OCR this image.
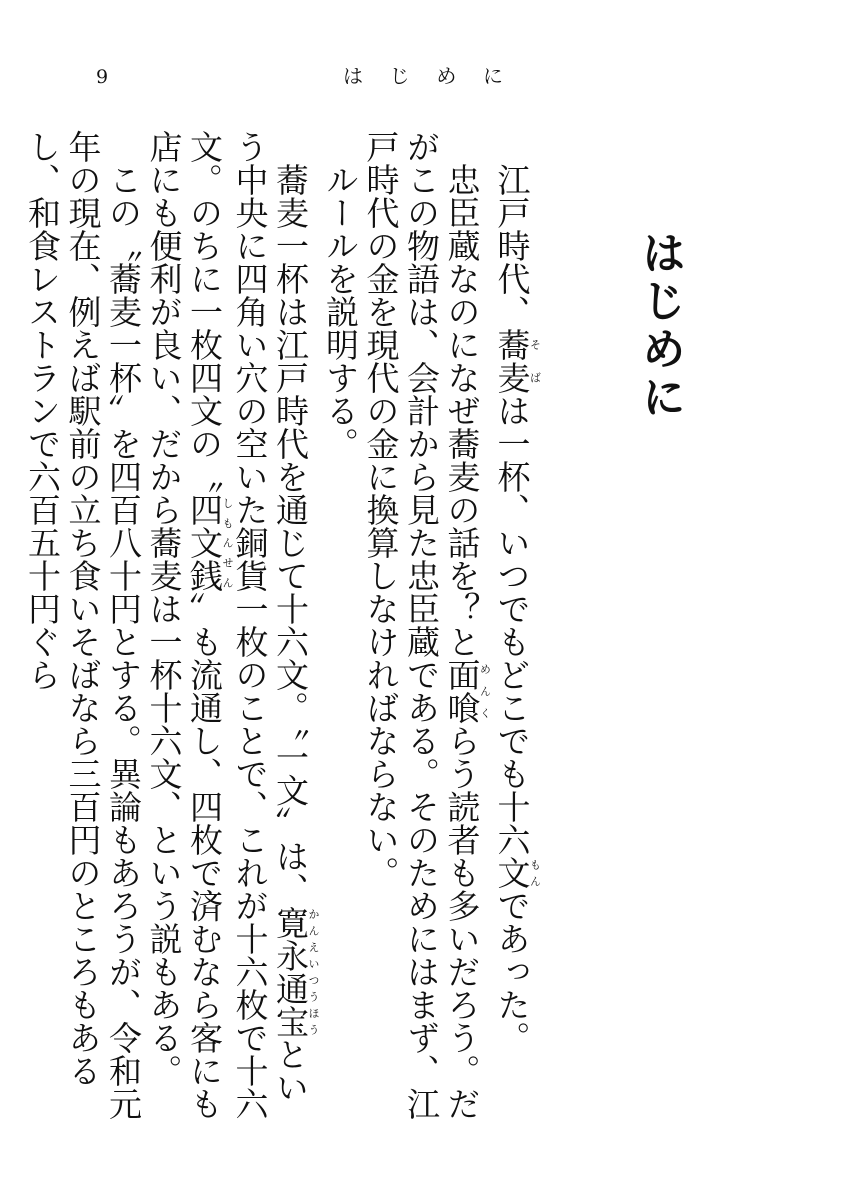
9	は じ め に
はじめに

江戸時代、蕎麦そばは一杯、いつでもどこでも十六文もんであった。

忠臣蔵なのになぜ蕎麦の話を？と面喰めんくらう読者も多いだろう。だがこの物語は、会計から見た忠臣蔵である。そのためにはまず、江戸時代の金を現代の金に換算しなければならない。

ルールを説明する。

蕎麦一杯は江戸時代を通じて十六文。〝一文〟は、寛永通宝かんえいつうほうという中央に四角い穴の空いた銅貨一枚のことで、これが十六枚で十六文。のちに一枚四文の〝四文銭しもんせん〟も流通し、四枚で済むなら客にも店にも便利が良い、だから蕎麦は一杯十六文、という説もある。

この〝蕎麦一杯〟を四百八十円とする。異論もあろうが、令和元年の現在、例えば駅前の立ち食いそばなら三百円のところもあるし、和食レストランで六百五十円ぐら
